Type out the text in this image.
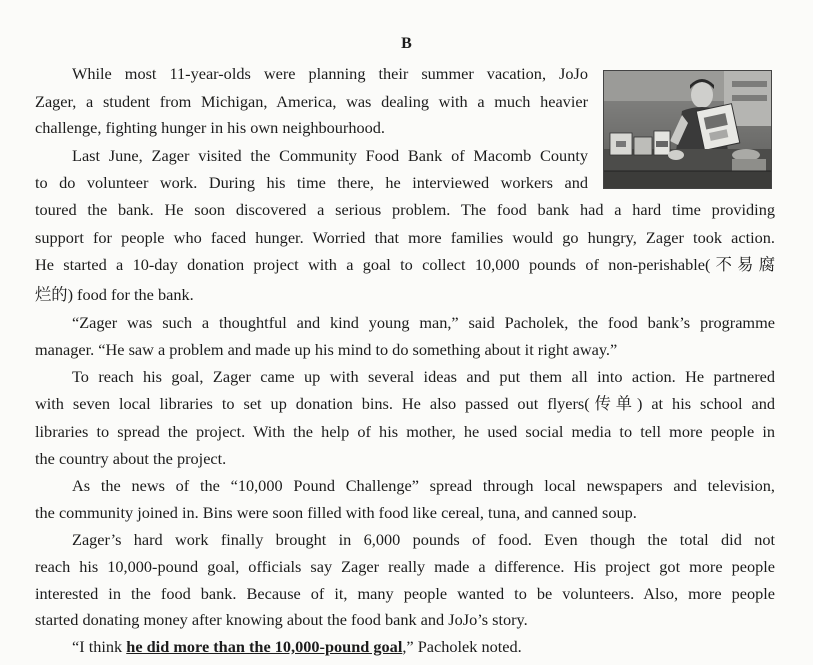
B
While most 11-year-olds were planning their summer vacation, JoJo
Zager, a student from Michigan, America, was dealing with a much heavier
challenge, fighting hunger in his own neighbourhood.
Last June, Zager visited the Community Food Bank of Macomb County
to do volunteer work. During his time there, he interviewed workers and
toured the bank. He soon discovered a serious problem. The food bank had a hard time providing
support for people who faced hunger. Worried that more families would go hungry, Zager took action.
He started a 10-day donation project with a goal to collect 10,000 pounds of non-perishable(不易腐
烂的) food for the bank.
“Zager was such a thoughtful and kind young man,” said Pacholek, the food bank’s programme
manager. “He saw a problem and made up his mind to do something about it right away.”
To reach his goal, Zager came up with several ideas and put them all into action. He partnered
with seven local libraries to set up donation bins. He also passed out flyers(传单) at his school and
libraries to spread the project. With the help of his mother, he used social media to tell more people in
the country about the project.
As the news of the “10,000 Pound Challenge” spread through local newspapers and television,
the community joined in. Bins were soon filled with food like cereal, tuna, and canned soup.
Zager’s hard work finally brought in 6,000 pounds of food. Even though the total did not
reach his 10,000-pound goal, officials say Zager really made a difference. His project got more people
interested in the food bank. Because of it, many people wanted to be volunteers. Also, more people
started donating money after knowing about the food bank and JoJo’s story.
“I think he did more than the 10,000-pound goal,” Pacholek noted.
